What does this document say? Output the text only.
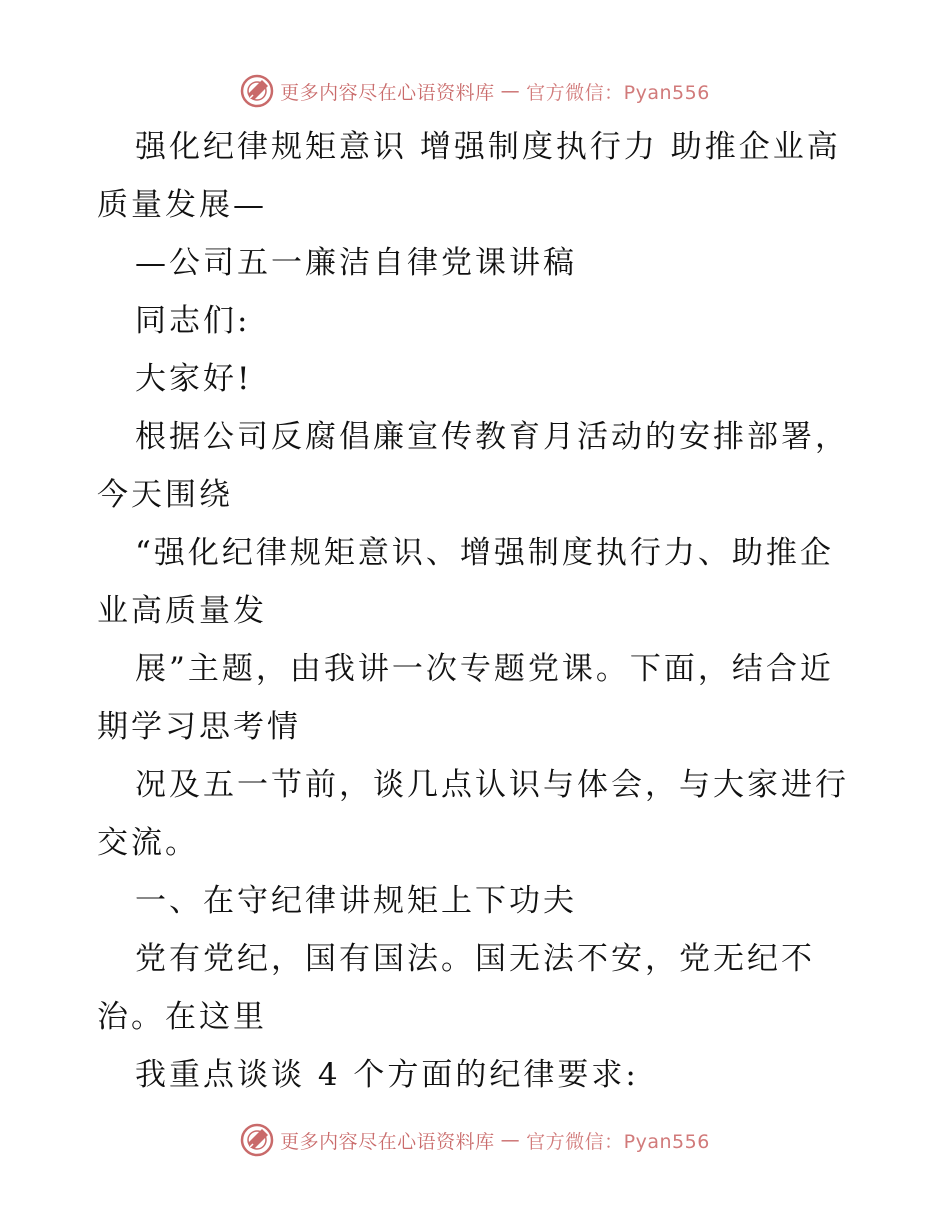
更多内容尽在心语资料库 — 官方微信：Pyan556
强化纪律规矩意识 增强制度执行力 助推企业高
质量发展—
—公司五一廉洁自律党课讲稿
同志们:
大家好!
根据公司反腐倡廉宣传教育月活动的安排部署，
今天围绕
“强化纪律规矩意识、增强制度执行力、助推企
业高质量发
展”主题，由我讲一次专题党课。下面，结合近
期学习思考情
况及五一节前，谈几点认识与体会，与大家进行
交流。
一、在守纪律讲规矩上下功夫
党有党纪，国有国法。国无法不安，党无纪不
治。在这里
我重点谈谈 4 个方面的纪律要求:
更多内容尽在心语资料库 — 官方微信：Pyan556
